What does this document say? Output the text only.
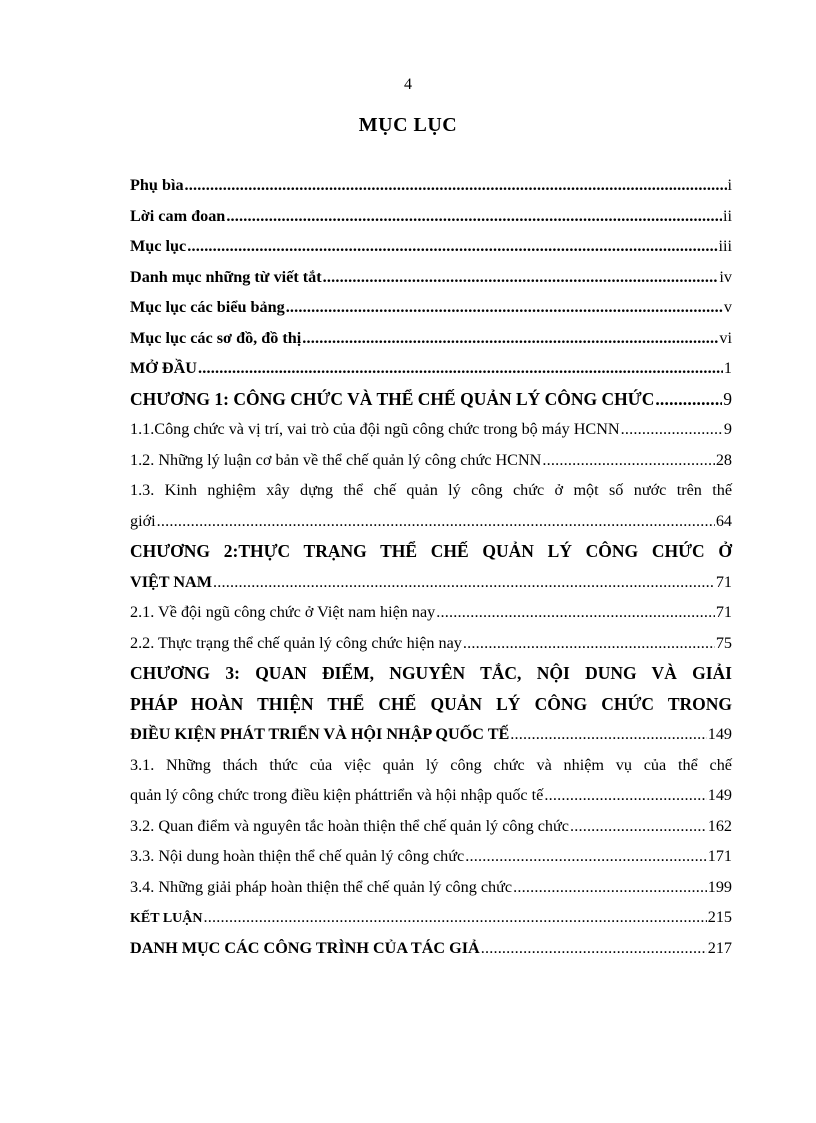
4
MỤC LỤC
Phụ bìa .....	i
Lời cam đoan .....	ii
Mục lục .....	iii
Danh mục những từ viết tắt .....	iv
Mục lục các biểu bảng .....	v
Mục lục các sơ đồ, đồ thị .....	vi
MỞ ĐẦU .....	1
CHƯƠNG 1: CÔNG CHỨC VÀ THỂ CHẾ QUẢN LÝ CÔNG CHỨC .....	9
1.1.Công chức và vị trí, vai trò của đội ngũ công chức trong bộ máy HCNN .....	9
1.2. Những lý luận cơ bản về thể chế quản lý công chức HCNN .....	28
1.3. Kinh nghiệm xây dựng thể chế quản lý công chức ở một số nước trên thế
giới .....	64
CHƯƠNG 2:THỰC TRẠNG THỂ CHẾ QUẢN LÝ CÔNG CHỨC Ở
VIỆT NAM .....	71
2.1. Về đội ngũ công chức ở Việt nam hiện nay .....	71
2.2. Thực trạng thể chế quản lý công chức hiện nay .....	75
CHƯƠNG 3: QUAN ĐIỂM, NGUYÊN TẮC, NỘI DUNG VÀ GIẢI
PHÁP HOÀN THIỆN THỂ CHẾ QUẢN LÝ CÔNG CHỨC TRONG
ĐIỀU KIỆN PHÁT TRIỂN VÀ HỘI NHẬP QUỐC TẾ .....	149
3.1. Những thách thức của việc quản lý công chức và nhiệm vụ của thể chế
quản lý công chức trong điều kiện pháttriển và hội nhập quốc tế .....	149
3.2. Quan điểm và nguyên tắc hoàn thiện thể chế quản lý công chức .....	162
3.3. Nội dung hoàn thiện thể chế quản lý công chức .....	171
3.4. Những giải pháp hoàn thiện thể chế quản lý công chức .....	199
KẾT LUẬN .....	215
DANH MỤC CÁC CÔNG TRÌNH CỦA TÁC GIẢ .....	217
